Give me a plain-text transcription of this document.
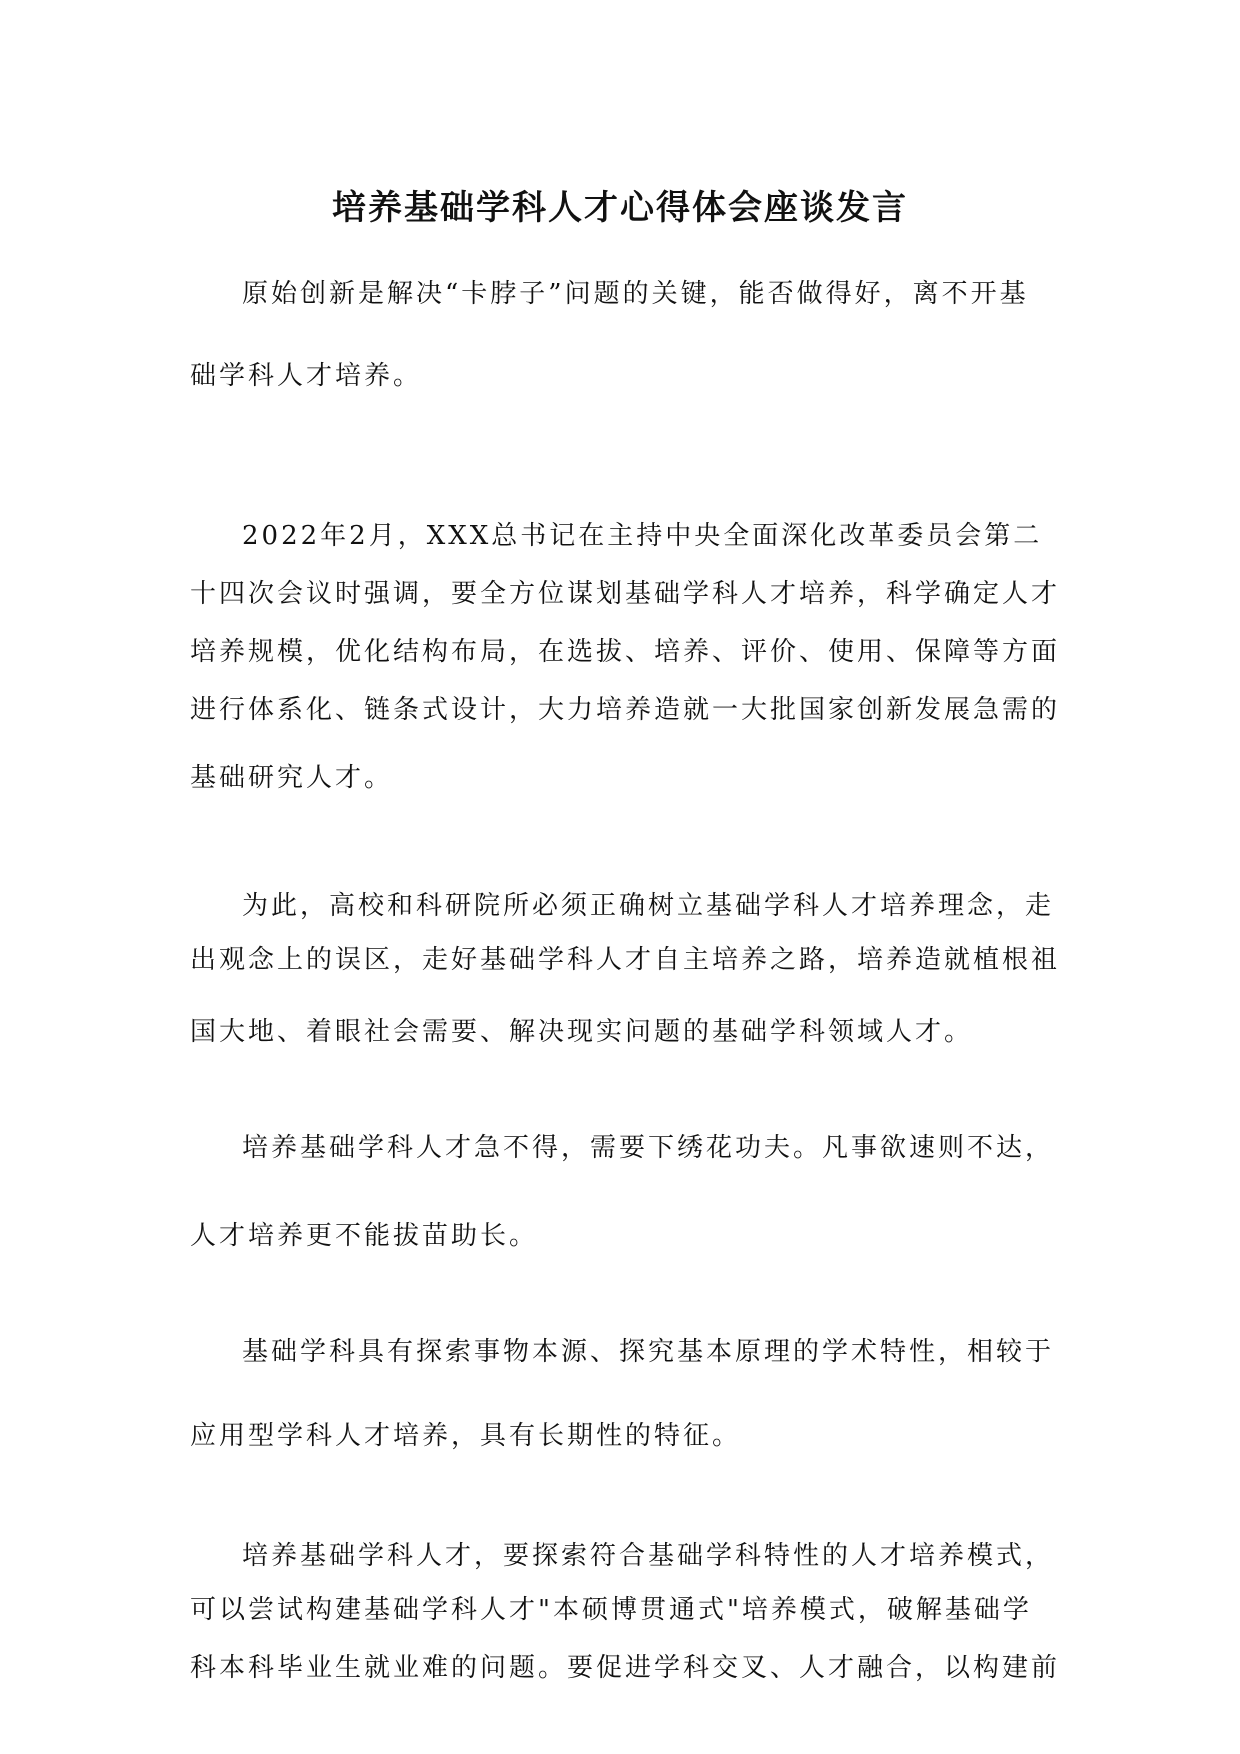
培养基础学科人才心得体会座谈发言

原始创新是解决“卡脖子”问题的关键，能否做得好，离不开基

础学科人才培养。

2022年2月，XXX总书记在主持中央全面深化改革委员会第二

十四次会议时强调，要全方位谋划基础学科人才培养，科学确定人才

培养规模，优化结构布局，在选拔、培养、评价、使用、保障等方面

进行体系化、链条式设计，大力培养造就一大批国家创新发展急需的

基础研究人才。

为此，高校和科研院所必须正确树立基础学科人才培养理念，走

出观念上的误区，走好基础学科人才自主培养之路，培养造就植根祖

国大地、着眼社会需要、解决现实问题的基础学科领域人才。

培养基础学科人才急不得，需要下绣花功夫。凡事欲速则不达，

人才培养更不能拔苗助长。

基础学科具有探索事物本源、探究基本原理的学术特性，相较于

应用型学科人才培养，具有长期性的特征。

培养基础学科人才，要探索符合基础学科特性的人才培养模式，

可以尝试构建基础学科人才"本硕博贯通式"培养模式，破解基础学

科本科毕业生就业难的问题。要促进学科交叉、人才融合，以构建前
